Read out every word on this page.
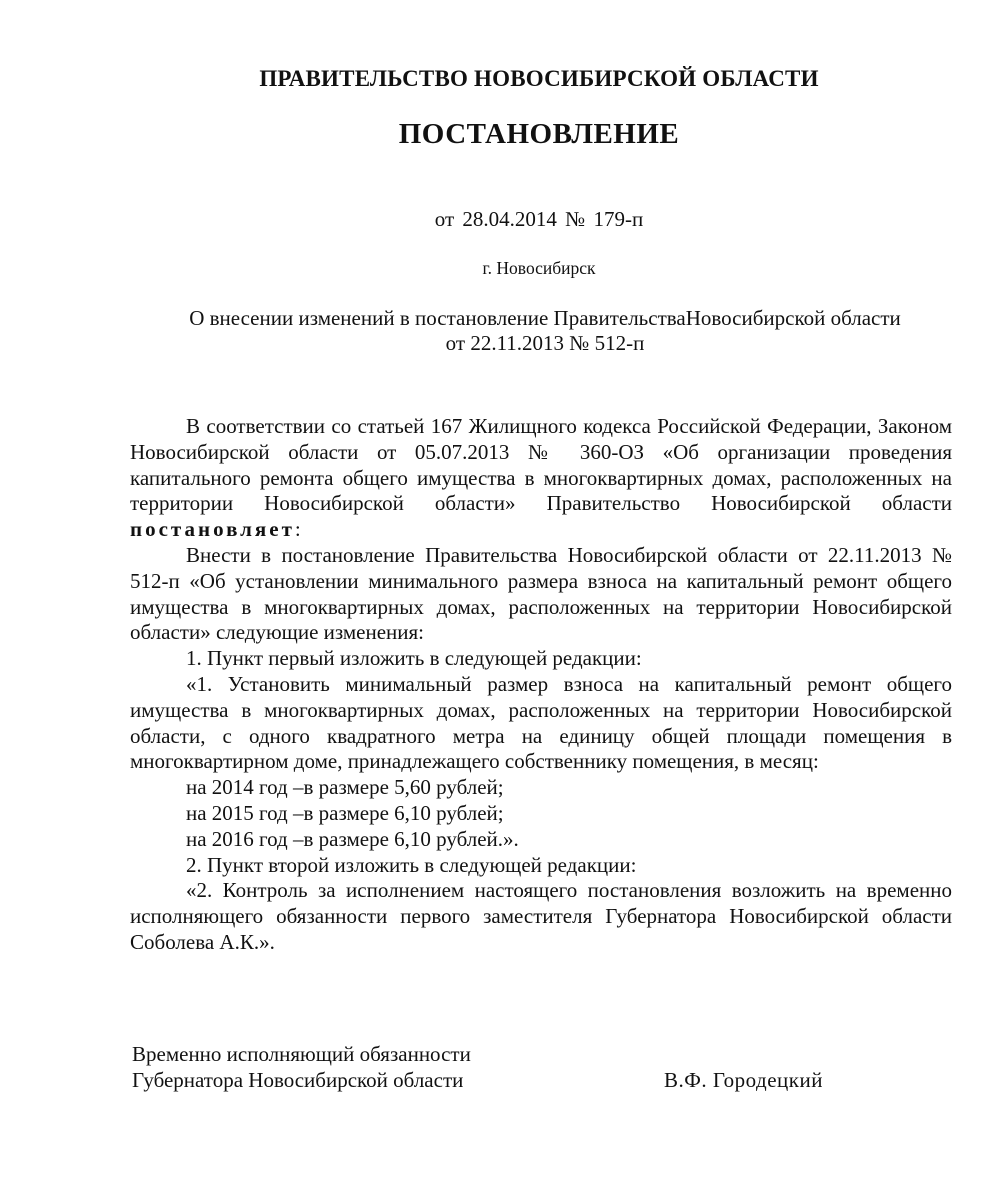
ПРАВИТЕЛЬСТВО НОВОСИБИРСКОЙ ОБЛАСТИ
ПОСТАНОВЛЕНИЕ
от 28.04.2014 № 179-п
г. Новосибирск
О внесении изменений в постановление ПравительстваНовосибирской области
от 22.11.2013 № 512-п

В соответствии со статьей 167 Жилищного кодекса Российской Федерации, Законом Новосибирской области от 05.07.2013 № 360-ОЗ «Об организации проведения капитального ремонта общего имущества в многоквартирных домах, расположенных на территории Новосибирской области» Правительство Новосибирской области постановляет:

Внести в постановление Правительства Новосибирской области от 22.11.2013 № 512-п «Об установлении минимального размера взноса на капитальный ремонт общего имущества в многоквартирных домах, расположенных на территории Новосибирской области» следующие изменения:

1. Пункт первый изложить в следующей редакции:

«1. Установить минимальный размер взноса на капитальный ремонт общего имущества в многоквартирных домах, расположенных на территории Новосибирской области, с одного квадратного метра на единицу общей площади помещения в многоквартирном доме, принадлежащего собственнику помещения, в месяц:

на 2014 год –в размере 5,60 рублей;

на 2015 год –в размере 6,10 рублей;

на 2016 год –в размере 6,10 рублей.».

2. Пункт второй изложить в следующей редакции:

«2. Контроль за исполнением настоящего постановления возложить на временно исполняющего обязанности первого заместителя Губернатора Новосибирской области Соболева А.К.».

Временно исполняющий обязанности
Губернатора Новосибирской области	В.Ф. Городецкий
